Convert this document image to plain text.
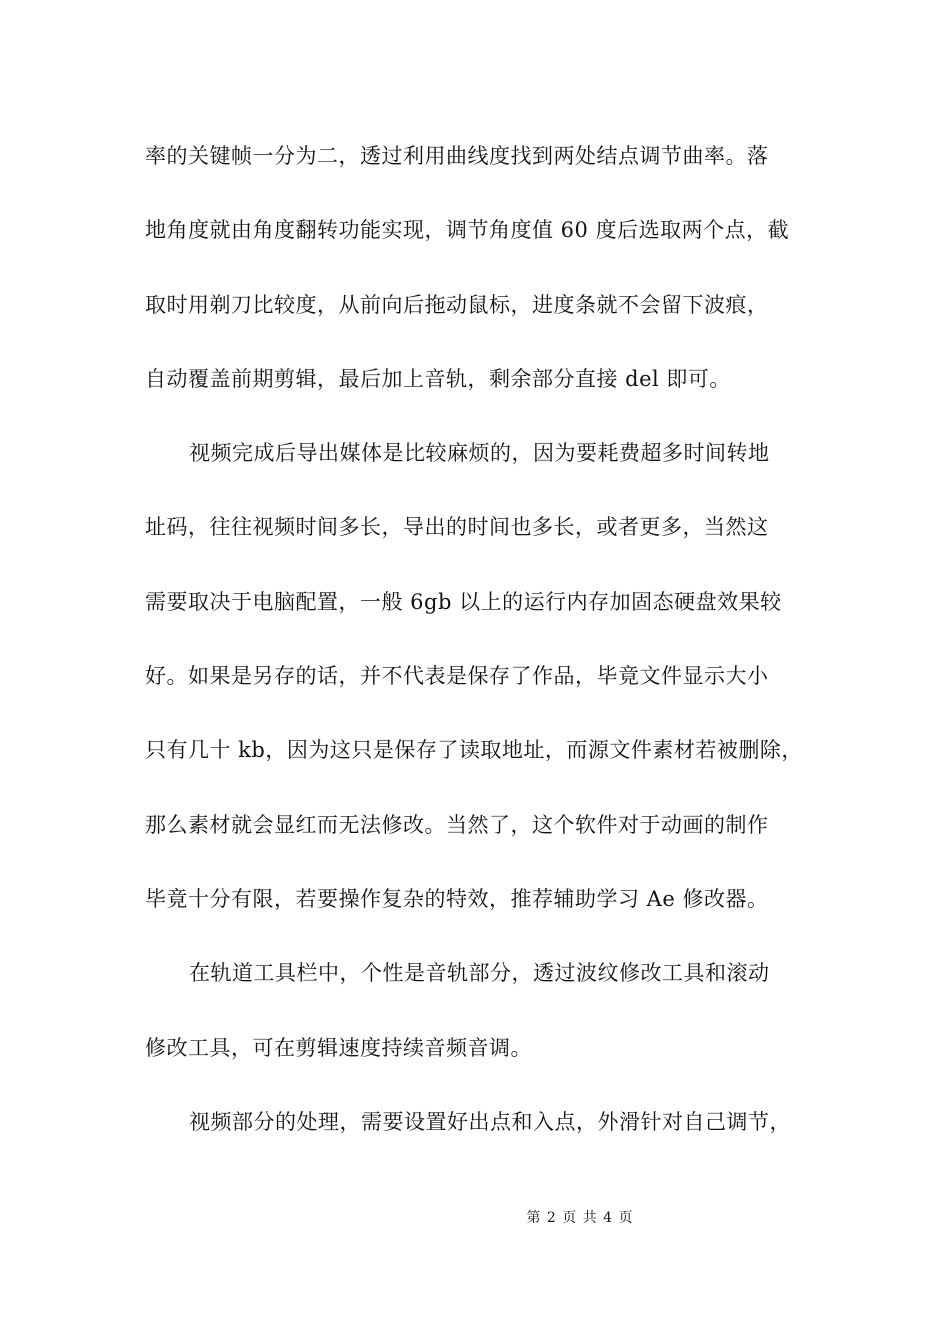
率的关键帧一分为二，透过利用曲线度找到两处结点调节曲率。落
地角度就由角度翻转功能实现，调节角度值 60 度后选取两个点，截
取时用剃刀比较度，从前向后拖动鼠标，进度条就不会留下波痕，
自动覆盖前期剪辑，最后加上音轨，剩余部分直接 del 即可。
视频完成后导出媒体是比较麻烦的，因为要耗费超多时间转地
址码，往往视频时间多长，导出的时间也多长，或者更多，当然这
需要取决于电脑配置，一般 6gb 以上的运行内存加固态硬盘效果较
好。如果是另存的话，并不代表是保存了作品，毕竟文件显示大小
只有几十 kb，因为这只是保存了读取地址，而源文件素材若被删除，
那么素材就会显红而无法修改。当然了，这个软件对于动画的制作
毕竟十分有限，若要操作复杂的特效，推荐辅助学习 Ae 修改器。
在轨道工具栏中，个性是音轨部分，透过波纹修改工具和滚动
修改工具，可在剪辑速度持续音频音调。
视频部分的处理，需要设置好出点和入点，外滑针对自己调节，
第 2 页 共 4 页
